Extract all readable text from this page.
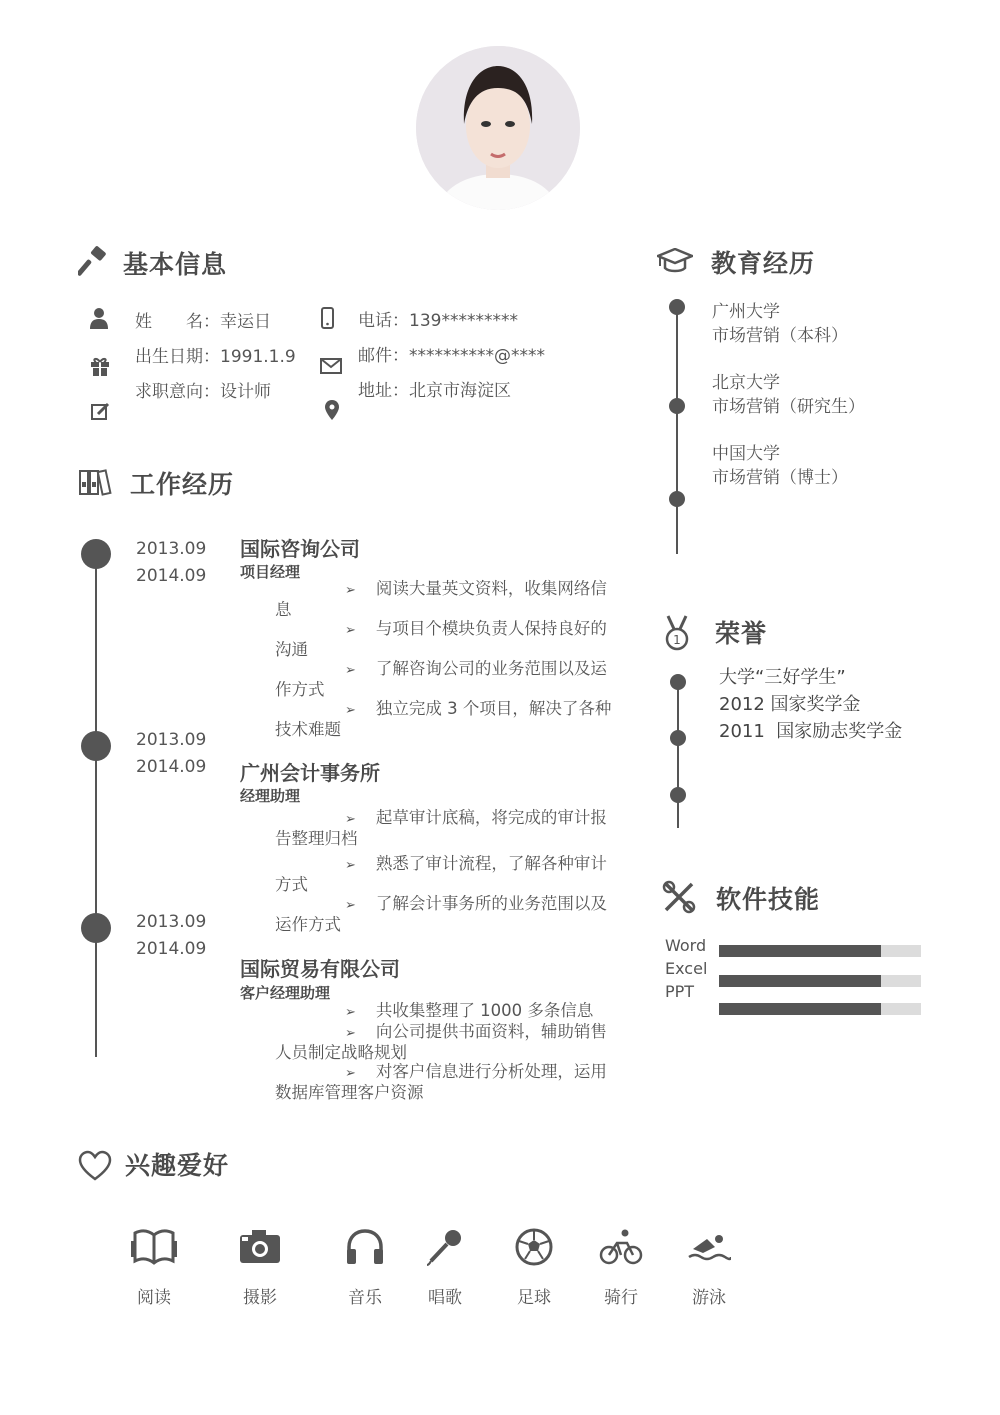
基本信息
姓　　名：幸运日
出生日期：1991.1.9
求职意向：设计师
电话：139*********
邮件：**********@****
地址：北京市海淀区
工作经历
2013.09
2014.09
国际咨询公司
项目经理
➢ 阅读大量英文资料，收集网络信息
➢ 与项目个模块负责人保持良好的沟通
➢ 了解咨询公司的业务范围以及运作方式
➢ 独立完成 3 个项目，解决了各种技术难题
2013.09
2014.09 广州会计事务所
经理助理
➢ 起草审计底稿，将完成的审计报告整理归档
➢ 熟悉了审计流程，了解各种审计方式
➢ 了解会计事务所的业务范围以及运作方式
2013.09
2014.09
国际贸易有限公司
客户经理助理
➢ 共收集整理了 1000 多条信息
➢ 向公司提供书面资料，辅助销售人员制定战略规划
➢ 对客户信息进行分析处理，运用数据库管理客户资源
教育经历
广州大学
市场营销（本科）
北京大学
市场营销（研究生）
中国大学
市场营销（博士）
1 荣誉
大学“三好学生”
2012 国家奖学金
2011  国家励志奖学金
软件技能
Word
Excel
PPT
兴趣爱好
阅读	摄影	音乐	唱歌	足球	骑行	游泳
